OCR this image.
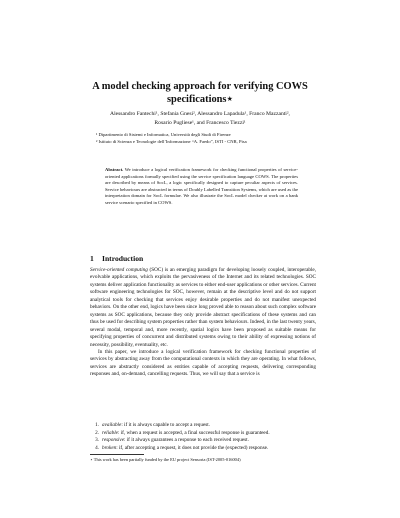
A model checking approach for verifying COWS
specifications⋆
Alessandro Fantechi¹, Stefania Gnesi², Alessandro Lapadula¹, Franco Mazzanti²,
Rosario Pugliese¹, and Francesco Tiezzi¹
¹ Dipartimento di Sistemi e Informatica, Università degli Studi di Firenze
² Istituto di Scienza e Tecnologie dell’Informazione “A. Faedo”, ISTI - CNR, Pisa
Abstract. We introduce a logical verification framework for checking functional properties of service-oriented applications formally specified using the service specification language COWS. The properties are described by means of SocL, a logic specifically designed to capture peculiar aspects of services. Service behaviours are abstracted in terms of Doubly Labelled Transition Systems, which are used as the interpretation domain for SocL formulae. We also illustrate the SocL model checker at work on a bank service scenario specified in COWS.
1 Introduction

Service-oriented computing (SOC) is an emerging paradigm for developing loosely coupled, interoperable, evolvable applications, which exploits the pervasiveness of the Internet and its related technologies. SOC systems deliver application functionality as services to either end-user applications or other services. Current software engineering technologies for SOC, however, remain at the descriptive level and do not support analytical tools for checking that services enjoy desirable properties and do not manifest unexpected behaviors. On the other end, logics have been since long proved able to reason about such complex software systems as SOC applications, because they only provide abstract specifications of these systems and can thus be used for describing system properties rather than system behaviours. Indeed, in the last twenty years, several modal, temporal and, more recently, spatial logics have been proposed as suitable means for specifying properties of concurrent and distributed systems owing to their ability of expressing notions of necessity, possibility, eventuality, etc.

In this paper, we introduce a logical verification framework for checking functional properties of services by abstracting away from the computational contexts in which they are operating. In what follows, services are abstractly considered as entities capable of accepting requests, delivering corresponding responses and, on-demand, cancelling requests. Thus, we will say that a service is

1. available: if it is always capable to accept a request.
2. reliable: if, when a request is accepted, a final successful response is guaranteed.
3. responsive: if it always guarantees a response to each received request.
4. broken: if, after accepting a request, it does not provide the (expected) response.
⋆ This work has been partially funded by the EU project Sensoria (IST-2005-016004)
